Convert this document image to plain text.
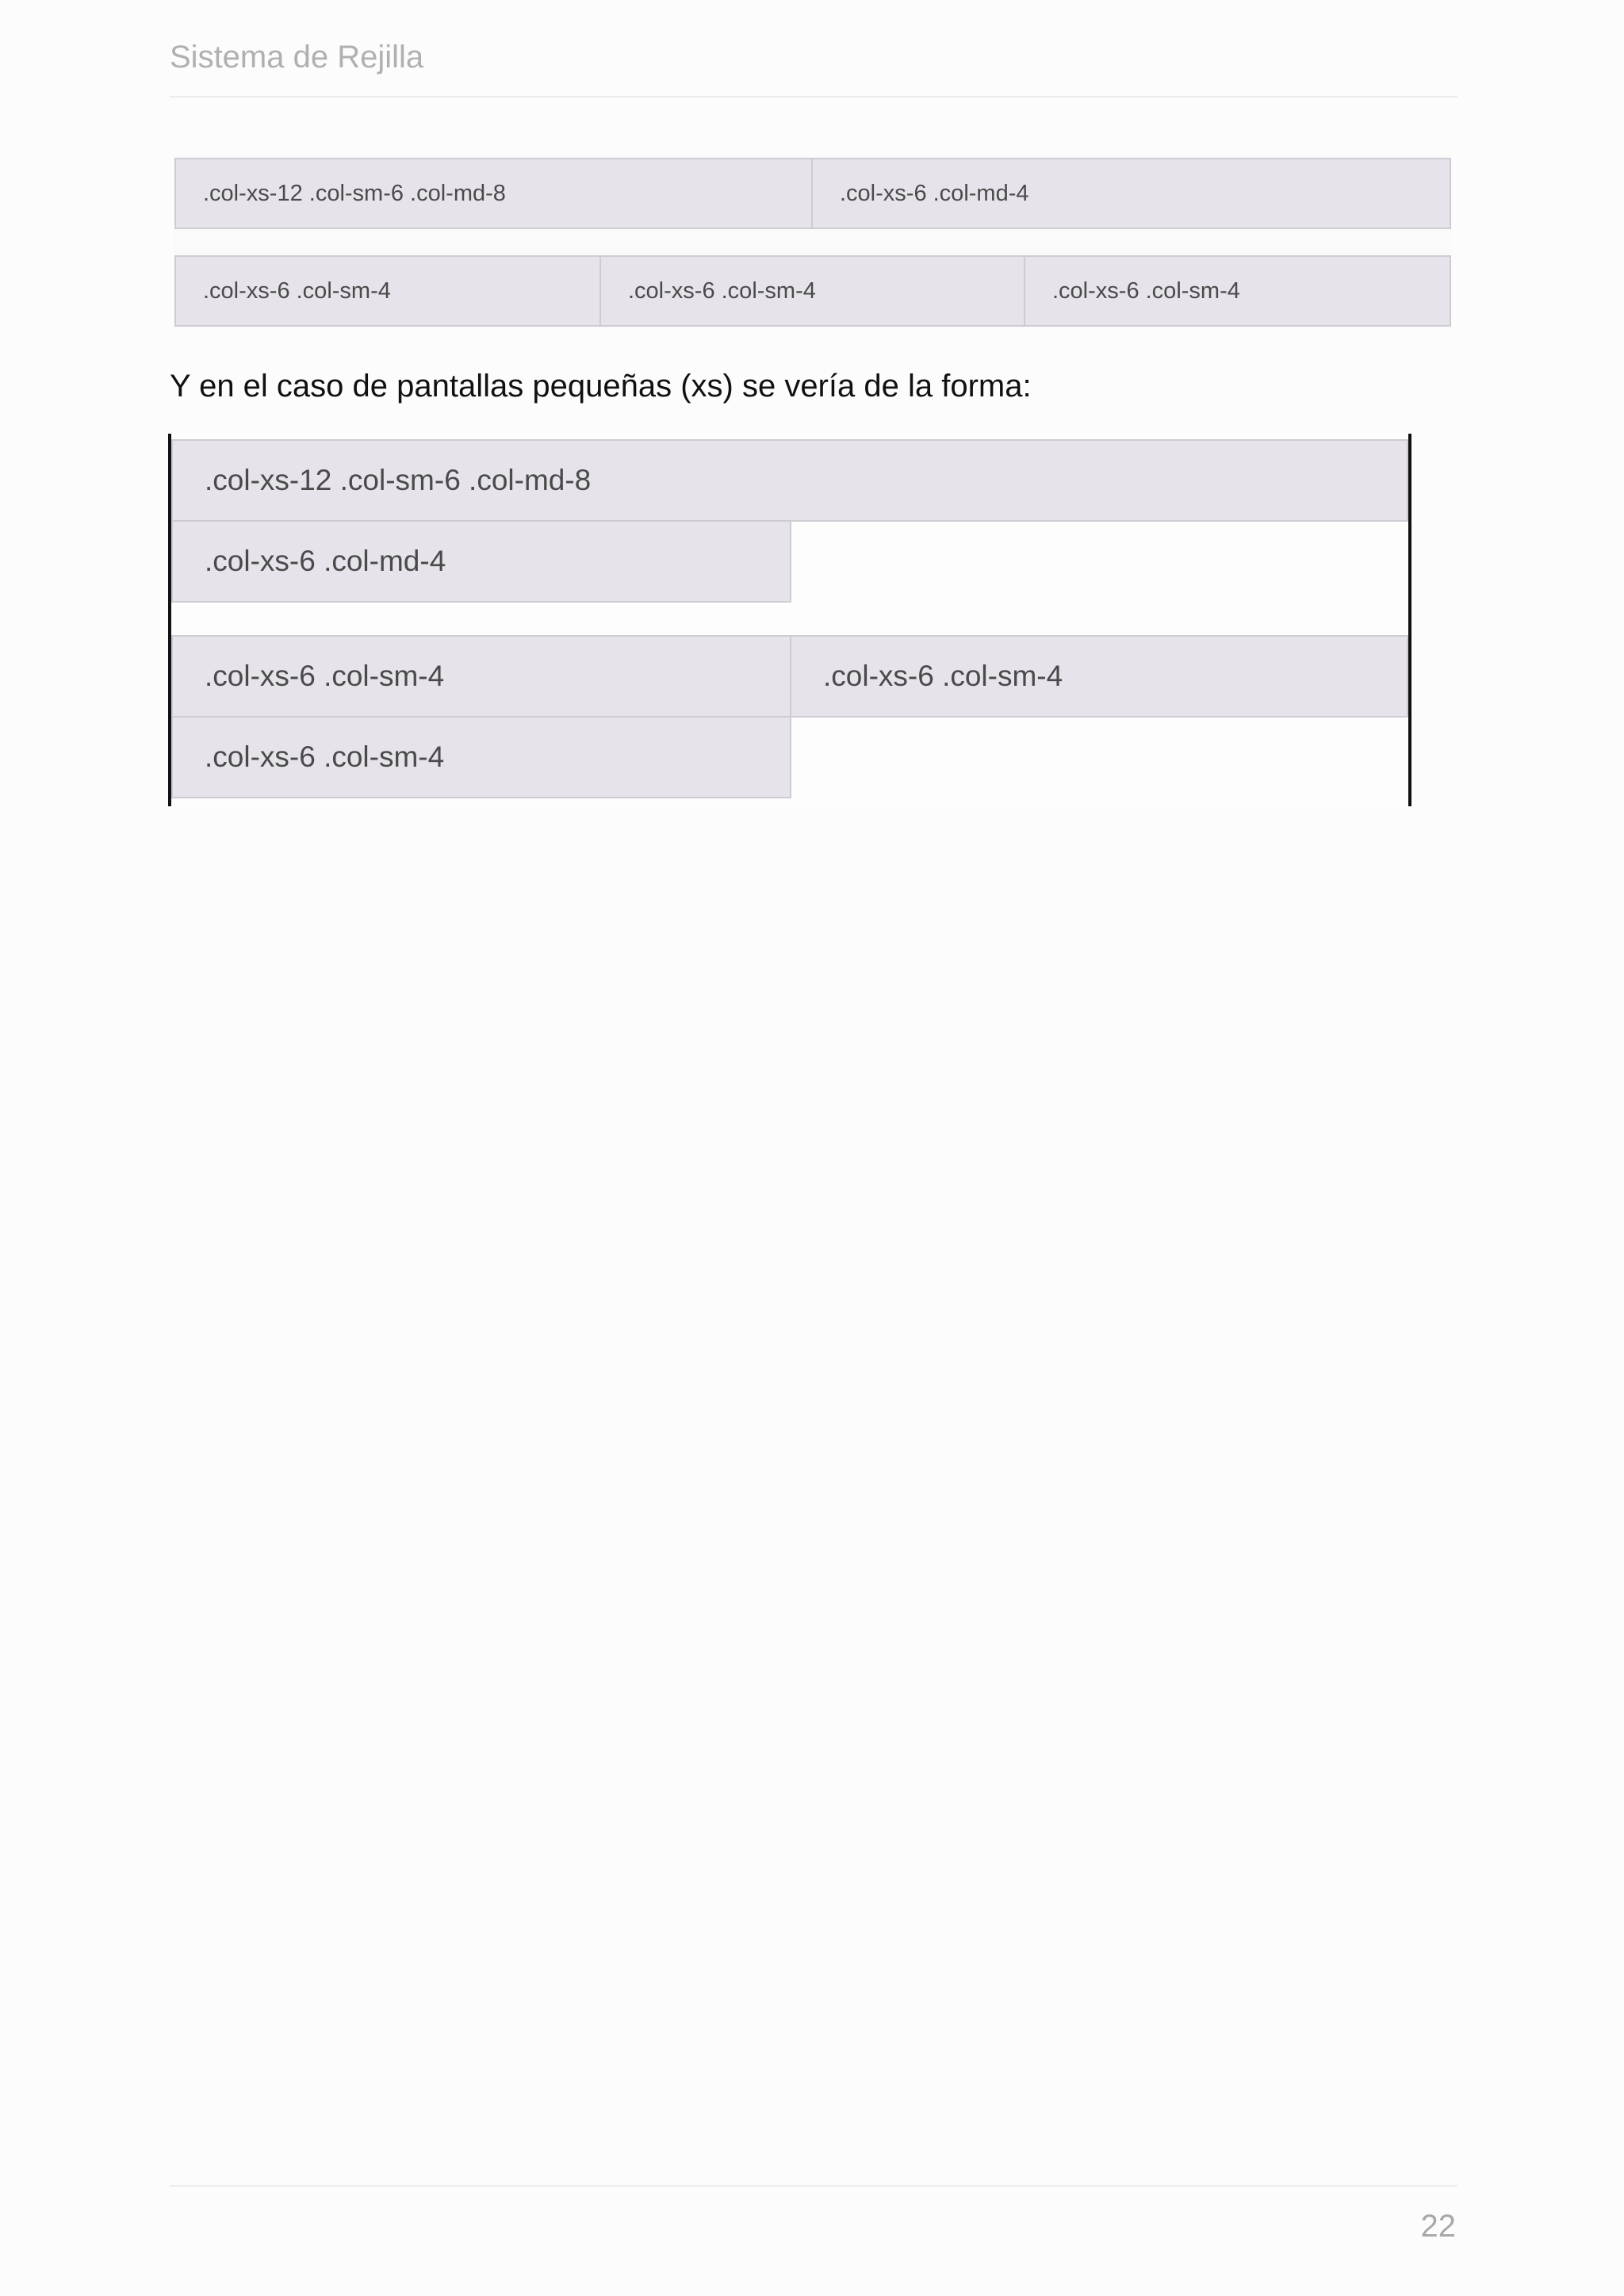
Sistema de Rejilla
.col-xs-12 .col-sm-6 .col-md-8	.col-xs-6 .col-md-4
.col-xs-6 .col-sm-4	.col-xs-6 .col-sm-4	.col-xs-6 .col-sm-4
Y en el caso de pantallas pequeñas (xs) se vería de la forma:
.col-xs-12 .col-sm-6 .col-md-8
.col-xs-6 .col-md-4
.col-xs-6 .col-sm-4	.col-xs-6 .col-sm-4
.col-xs-6 .col-sm-4
22
